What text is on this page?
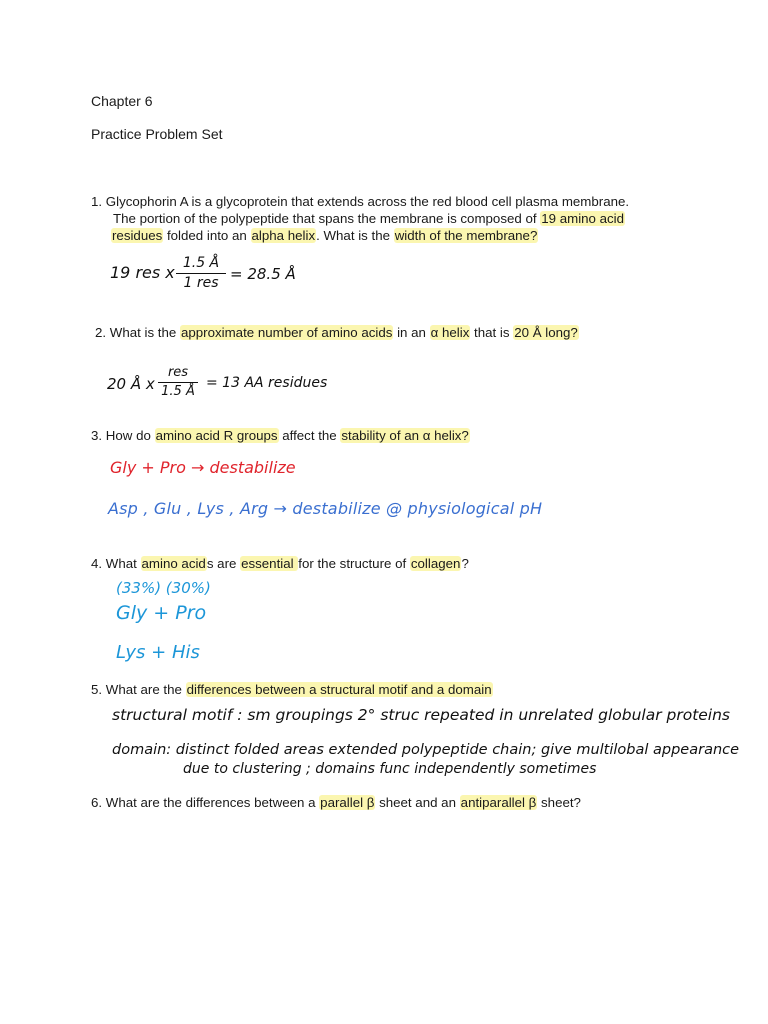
Chapter 6
Practice Problem Set
1. Glycophorin A is a glycoprotein that extends across the red blood cell plasma membrane.
The portion of the polypeptide that spans the membrane is composed of 19 amino acid
residues folded into an alpha helix. What is the width of the membrane?
19 res x 1.5 Å
1 res = 28.5 Å
2. What is the approximate number of amino acids in an α helix that is 20 Å long?
20 Å x
res
1.5 Å
= 13 AA residues
3. How do amino acid R groups affect the stability of an α helix?
Gly + Pro → destabilize
Asp , Glu , Lys , Arg → destabilize @ physiological pH
4. What amino acids are essential for the structure of collagen?
(33%) (30%)
Gly + Pro
Lys + His
5. What are the differences between a structural motif and a domain
structural motif : sm groupings 2° struc repeated in unrelated globular proteins
domain: distinct folded areas extended polypeptide chain; give multilobal appearance
due to clustering ; domains func independently sometimes
6. What are the differences between a parallel β sheet and an antiparallel β sheet?
